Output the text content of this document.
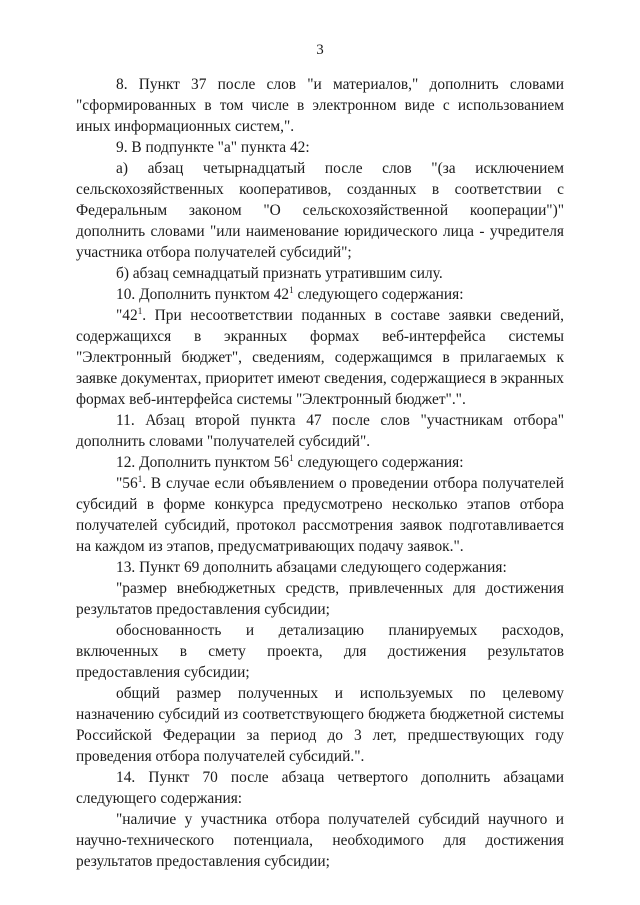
3

8. Пункт 37 после слов "и материалов," дополнить словами "сформированных в том числе в электронном виде с использованием иных информационных систем,".

9. В подпункте "а" пункта 42:

а) абзац четырнадцатый после слов "(за исключением сельскохозяйственных кооперативов, созданных в соответствии с Федеральным законом "О сельскохозяйственной кооперации")" дополнить словами "или наименование юридического лица - учредителя участника отбора получателей субсидий";

б) абзац семнадцатый признать утратившим силу.

10. Дополнить пунктом $42^1$ следующего содержания:

"$42^1$. При несоответствии поданных в составе заявки сведений, содержащихся в экранных формах веб-интерфейса системы "Электронный бюджет", сведениям, содержащимся в прилагаемых к заявке документах, приоритет имеют сведения, содержащиеся в экранных формах веб-интерфейса системы "Электронный бюджет".".

11. Абзац второй пункта 47 после слов "участникам отбора" дополнить словами "получателей субсидий".

12. Дополнить пунктом $56^1$ следующего содержания:

"$56^1$. В случае если объявлением о проведении отбора получателей субсидий в форме конкурса предусмотрено несколько этапов отбора получателей субсидий, протокол рассмотрения заявок подготавливается на каждом из этапов, предусматривающих подачу заявок.".

13. Пункт 69 дополнить абзацами следующего содержания:

"размер внебюджетных средств, привлеченных для достижения результатов предоставления субсидии;

обоснованность и детализацию планируемых расходов, включенных в смету проекта, для достижения результатов предоставления субсидии;

общий размер полученных и используемых по целевому назначению субсидий из соответствующего бюджета бюджетной системы Российской Федерации за период до 3 лет, предшествующих году проведения отбора получателей субсидий.".

14. Пункт 70 после абзаца четвертого дополнить абзацами следующего содержания:

"наличие у участника отбора получателей субсидий научного и научно-технического потенциала, необходимого для достижения результатов предоставления субсидии;
